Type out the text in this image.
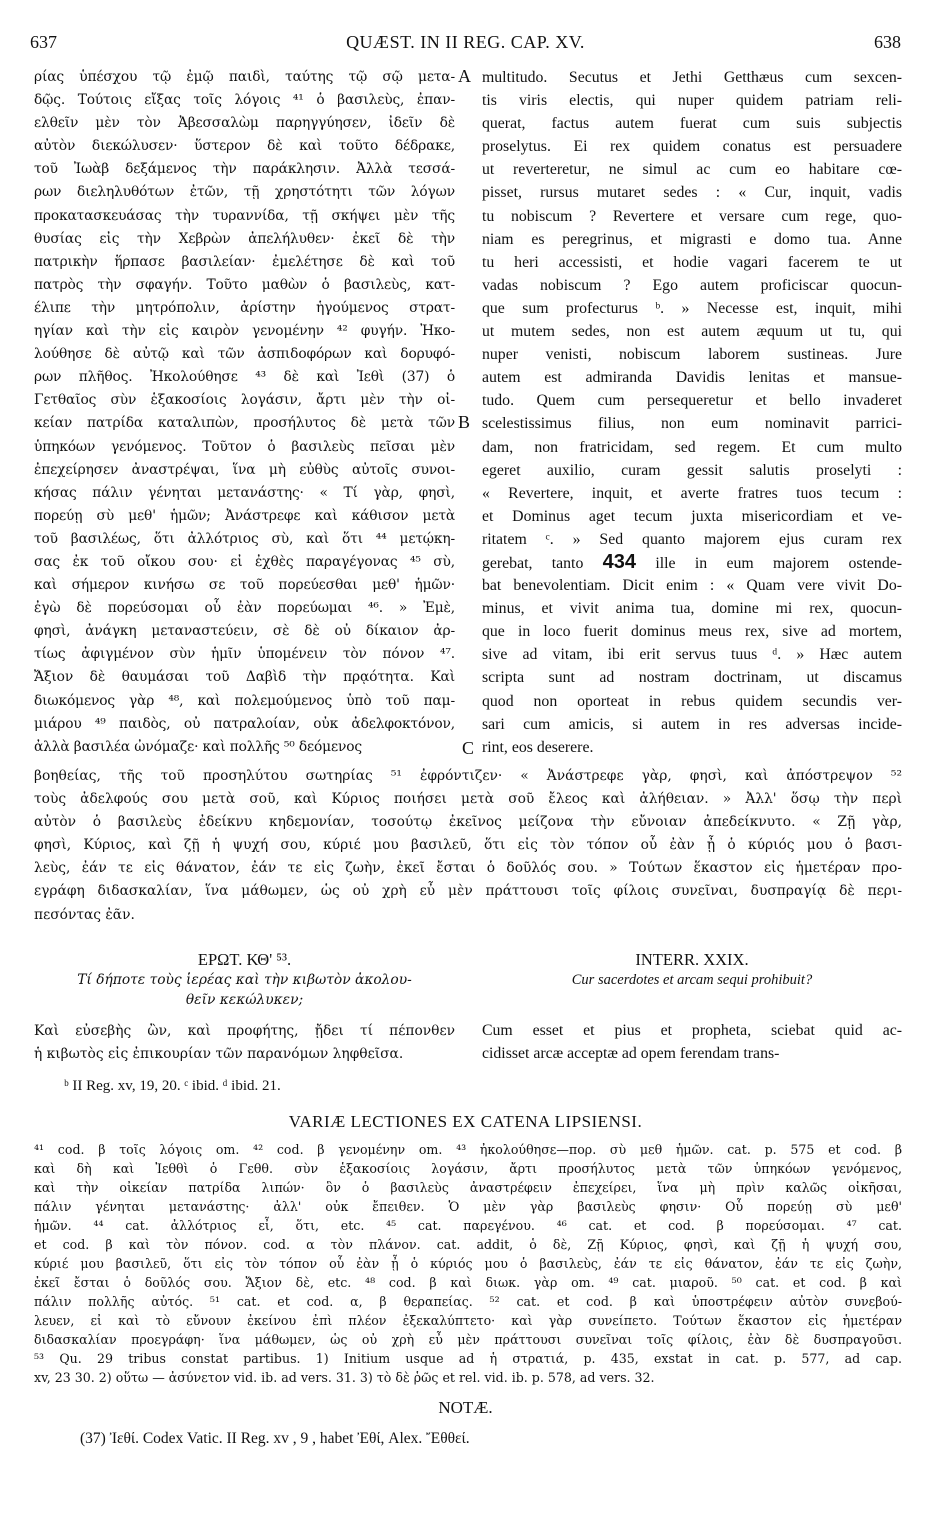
637	QUÆST. IN II REG. CAP. XV.	638
ρίας ὑπέσχου τῷ ἐμῷ παιδὶ, ταύτης τῷ σῷ μετα-
δῷς. Τούτοις εἴξας τοῖς λόγοις ⁴¹ ὁ βασιλεὺς, ἐπαν-
ελθεῖν μὲν τὸν Ἀβεσσαλὼμ παρηγγύησεν, ἰδεῖν δὲ
αὐτὸν διεκώλυσεν· ὕστερον δὲ καὶ τοῦτο δέδρακε,
τοῦ Ἰωὰβ δεξάμενος τὴν παράκλησιν. Ἀλλὰ τεσσά-
ρων διεληλυθότων ἐτῶν, τῇ χρηστότητι τῶν λόγων
προκατασκευάσας τὴν τυραννίδα, τῇ σκήψει μὲν τῆς
θυσίας εἰς τὴν Χεβρὼν ἀπελήλυθεν· ἐκεῖ δὲ τὴν
πατρικὴν ἥρπασε βασιλείαν· ἐμελέτησε δὲ καὶ τοῦ
πατρὸς τὴν σφαγήν. Τοῦτο μαθὼν ὁ βασιλεὺς, κατ-
έλιπε τὴν μητρόπολιν, ἀρίστην ἡγούμενος στρατ-
ηγίαν καὶ τὴν εἰς καιρὸν γενομένην ⁴² φυγήν. Ἠκο-
λούθησε δὲ αὐτῷ καὶ τῶν ἀσπιδοφόρων καὶ δορυφό-
ρων πλῆθος. Ἠκολούθησε ⁴³ δὲ καὶ Ἰεθὶ (37) ὁ
Γετθαῖος σὺν ἑξακοσίοις λογάσιν, ἄρτι μὲν τὴν οἰ-
κείαν πατρίδα καταλιπὼν, προσήλυτος δὲ μετὰ τῶν
ὑπηκόων γενόμενος. Τοῦτον ὁ βασιλεὺς πεῖσαι μὲν
ἐπεχείρησεν ἀναστρέψαι, ἵνα μὴ εὐθὺς αὐτοῖς συνοι-
κήσας πάλιν γένηται μετανάστης· « Τί γὰρ, φησὶ,
πορεύῃ σὺ μεθ' ἡμῶν; Ἀνάστρεφε καὶ κάθισον μετὰ
τοῦ βασιλέως, ὅτι ἀλλότριος σὺ, καὶ ὅτι ⁴⁴ μετῴκη-
σας ἐκ τοῦ οἴκου σου· εἰ ἐχθὲς παραγέγονας ⁴⁵ σὺ,
καὶ σήμερον κινήσω σε τοῦ πορεύεσθαι μεθ' ἡμῶν·
ἐγὼ δὲ πορεύσομαι οὗ ἐὰν πορεύωμαι ⁴⁶. » Ἐμὲ,
φησὶ, ἀνάγκη μεταναστεύειν, σὲ δὲ οὐ δίκαιον ἀρ-
τίως ἀφιγμένον σὺν ἡμῖν ὑπομένειν τὸν πόνον ⁴⁷.
Ἄξιον δὲ θαυμάσαι τοῦ Δαβὶδ τὴν πρᾳότητα. Καὶ
διωκόμενος γὰρ ⁴⁸, καὶ πολεμούμενος ὑπὸ τοῦ παμ-
μιάρου ⁴⁹ παιδὸς, οὐ πατραλοίαν, οὐκ ἀδελφοκτόνον,
ἀλλὰ βασιλέα ὠνόμαζε· καὶ πολλῆς ⁵⁰ δεόμενος
multitudo. Secutus et Jethi Getthæus cum sexcen-
tis viris electis, qui nuper quidem patriam reli-
querat, factus autem fuerat cum suis subjectis
proselytus. Ei rex quidem conatus est persuadere
ut reverteretur, ne simul ac cum eo habitare cœ-
pisset, rursus mutaret sedes : « Cur, inquit, vadis
tu nobiscum ? Revertere et versare cum rege, quo-
niam es peregrinus, et migrasti e domo tua. Anne
tu heri accessisti, et hodie vagari facerem te ut
vadas nobiscum ? Ego autem proficiscar quocun-
que sum profecturus ᵇ. » Necesse est, inquit, mihi
ut mutem sedes, non est autem æquum ut tu, qui
nuper venisti, nobiscum laborem sustineas. Jure
autem est admiranda Davidis lenitas et mansue-
tudo. Quem cum persequeretur et bello invaderet
scelestissimus filius, non eum nominavit parrici-
dam, non fratricidam, sed regem. Et cum multo
egeret auxilio, curam gessit salutis proselyti :
« Revertere, inquit, et averte fratres tuos tecum :
et Dominus aget tecum juxta misericordiam et ve-
ritatem ᶜ. » Sed quanto majorem ejus curam rex
gerebat, tanto 434 ille in eum majorem ostende-
bat benevolentiam. Dicit enim : « Quam vere vivit Do-
minus, et vivit anima tua, domine mi rex, quocun-
que in loco fuerit dominus meus rex, sive ad mortem,
sive ad vitam, ibi erit servus tuus ᵈ. » Hæc autem
scripta sunt ad nostram doctrinam, ut discamus
quod non oporteat in rebus quidem secundis ver-
sari cum amicis, si autem in res adversas incide-
rint, eos deserere.
A
B
C
βοηθείας, τῆς τοῦ προσηλύτου σωτηρίας ⁵¹ ἐφρόντιζεν· « Ἀνάστρεφε γὰρ, φησὶ, καὶ ἀπόστρεψον ⁵²
τοὺς ἀδελφούς σου μετὰ σοῦ, καὶ Κύριος ποιήσει μετὰ σοῦ ἔλεος καὶ ἀλήθειαν. » Ἀλλ' ὅσῳ τὴν περὶ
αὐτὸν ὁ βασιλεὺς ἐδείκνυ κηδεμονίαν, τοσούτῳ ἐκεῖνος μείζονα τὴν εὔνοιαν ἀπεδείκνυτο. « Ζῇ γὰρ,
φησὶ, Κύριος, καὶ ζῇ ἡ ψυχή σου, κύριέ μου βασιλεῦ, ὅτι εἰς τὸν τόπον οὗ ἐὰν ᾖ ὁ κύριός μου ὁ βασι-
λεὺς, ἐάν τε εἰς θάνατον, ἐάν τε εἰς ζωὴν, ἐκεῖ ἔσται ὁ δοῦλός σου. » Τούτων ἕκαστον εἰς ἡμετέραν προ-
εγράφη διδασκαλίαν, ἵνα μάθωμεν, ὡς οὐ χρὴ εὖ μὲν πράττουσι τοῖς φίλοις συνεῖναι, δυσπραγίᾳ δὲ περι-
πεσόντας ἐᾶν.
ΕΡΩΤ. ΚΘ' ⁵³.
Τί δήποτε τοὺς ἱερέας καὶ τὴν κιβωτὸν ἀκολου-
θεῖν κεκώλυκεν;
INTERR. XXIX.
Cur sacerdotes et arcam sequi prohibuit?
Καὶ εὐσεβὴς ὢν, καὶ προφήτης, ᾔδει τί πέπονθεν
ἡ κιβωτὸς εἰς ἐπικουρίαν τῶν παρανόμων ληφθεῖσα.
Cum esset et pius et propheta, sciebat quid ac-
cidisset arcæ acceptæ ad opem ferendam trans-
ᵇ II Reg. xv, 19, 20. ᶜ ibid. ᵈ ibid. 21.
VARIÆ LECTIONES EX CATENA LIPSIENSI.
⁴¹ cod. β τοῖς λόγοις om. ⁴² cod. β γενομένην om. ⁴³ ἠκολούθησε—πορ. σὺ μεθ ἡμῶν. cat. p. 575 et cod. β
καὶ δὴ καὶ Ἰεθθὶ ὁ Γεθθ. σὺν ἑξακοσίοις λογάσιν, ἄρτι προσήλυτος μετὰ τῶν ὑπηκόων γενόμενος,
καὶ τὴν οἰκείαν πατρίδα λιπών· ὃν ὁ βασιλεὺς ἀναστρέφειν ἐπεχείρει, ἵνα μὴ πρὶν καλῶς οἰκῆσαι,
πάλιν γένηται μετανάστης· ἀλλ' οὐκ ἔπειθεν. Ὁ μὲν γὰρ βασιλεὺς φησιν· Οὗ πορεύῃ σὺ μεθ'
ἡμῶν. ⁴⁴ cat. ἀλλότριος εἶ, ὅτι, etc. ⁴⁵ cat. παρεγένου. ⁴⁶ cat. et cod. β πορεύσομαι. ⁴⁷ cat.
et cod. β καὶ τὸν πόνον. cod. α τὸν πλάνον. cat. addit, ὁ δὲ, Ζῇ Κύριος, φησὶ, καὶ ζῇ ἡ ψυχή σου,
κύριέ μου βασιλεῦ, ὅτι εἰς τὸν τόπον οὗ ἐὰν ᾖ ὁ κύριός μου ὁ βασιλεὺς, ἐάν τε εἰς θάνατον, ἐάν τε εἰς ζωὴν,
ἐκεῖ ἔσται ὁ δοῦλός σου. Ἄξιον δὲ, etc. ⁴⁸ cod. β καὶ διωκ. γὰρ om. ⁴⁹ cat. μιαροῦ. ⁵⁰ cat. et cod. β καὶ
πάλιν πολλῆς αὐτός. ⁵¹ cat. et cod. α, β θεραπείας. ⁵² cat. et cod. β καὶ ὑποστρέφειν αὐτὸν συνεβού-
λευεν, εἰ καὶ τὸ εὔνουν ἐκείνου ἐπὶ πλέον ἐξεκαλύπτετο· καὶ γὰρ συνείπετο. Τούτων ἕκαστον εἰς ἡμετέραν
διδασκαλίαν προεγράφη· ἵνα μάθωμεν, ὡς οὐ χρὴ εὖ μὲν πράττουσι συνεῖναι τοῖς φίλοις, ἐὰν δὲ δυσπραγοῦσι.
⁵³ Qu. 29 tribus constat partibus. 1) Initium usque ad ἡ στρατιά, p. 435, exstat in cat. p. 577, ad cap.
xv, 23 30. 2) οὕτω — ἀσύνετον vid. ib. ad vers. 31. 3) τὸ δὲ ῥῶς et rel. vid. ib. p. 578, ad vers. 32.
NOTÆ.
(37) Ἰεθί. Codex Vatic. II Reg. xv , 9 , habet Ἐθί, Alex. Ἔθθεί.
